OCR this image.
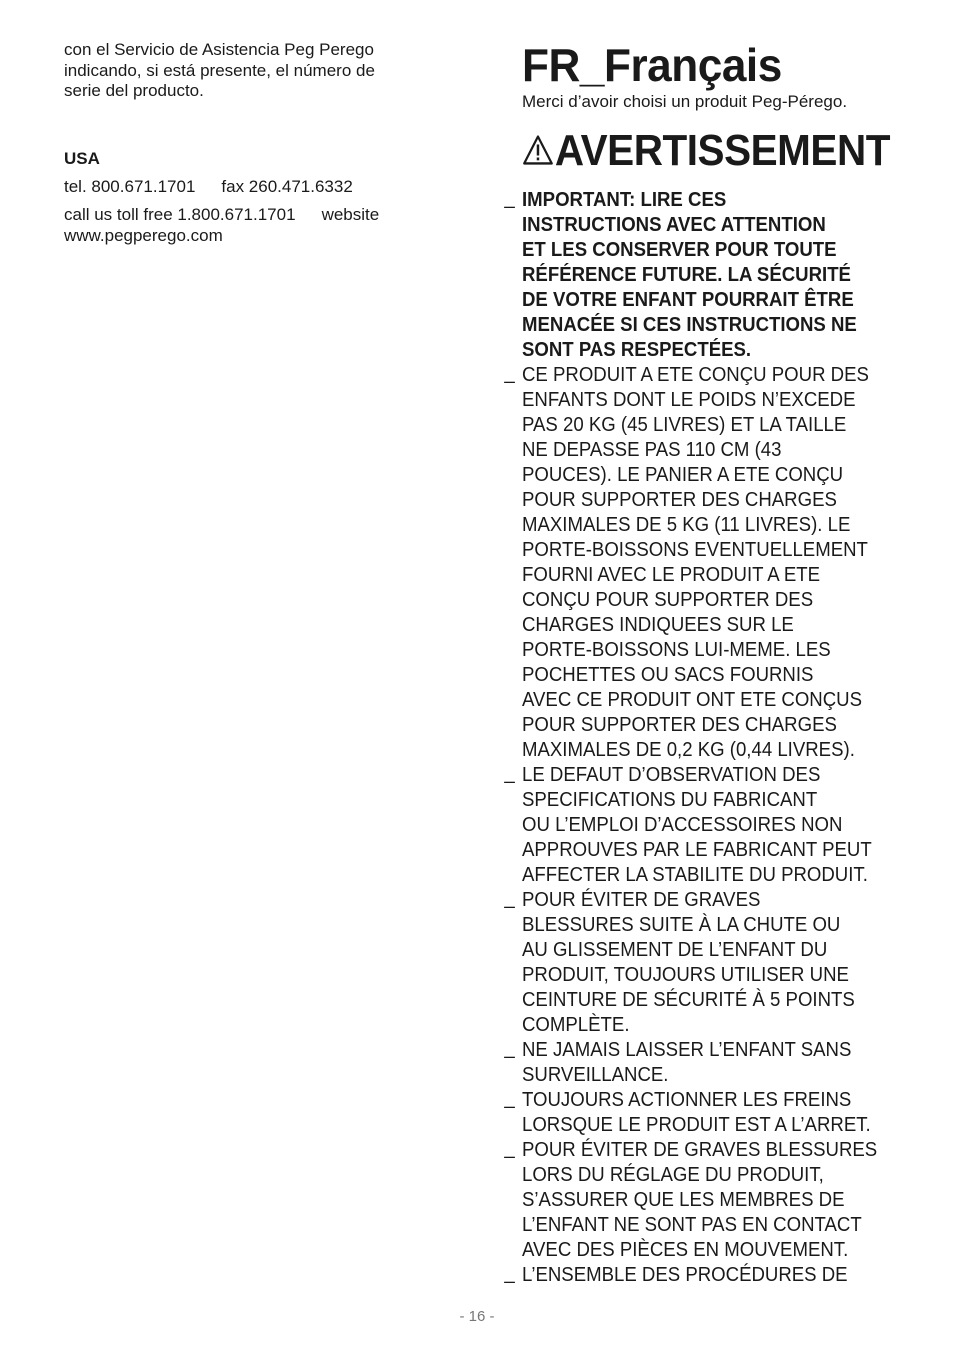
con el Servicio de Asistencia Peg Perego

indicando, si está presente, el número de

serie del producto.

USA
tel. 800.671.1701 fax 260.471.6332
call us toll free 1.800.671.1701 website
www.pegperego.com
FR_Français
Merci d’avoir choisi un produit Peg-Pérego.
AVERTISSEMENT
_ IMPORTANT: LIRE CES
INSTRUCTIONS AVEC ATTENTION
ET LES CONSERVER POUR TOUTE
RÉFÉRENCE FUTURE. LA SÉCURITÉ
DE VOTRE ENFANT POURRAIT ÊTRE
MENACÉE SI CES INSTRUCTIONS NE
SONT PAS RESPECTÉES.
_ CE PRODUIT A ETE CONÇU POUR DES
ENFANTS DONT LE POIDS N’EXCEDE
PAS 20 KG (45 LIVRES) ET LA TAILLE
NE DEPASSE PAS 110 CM (43
POUCES). LE PANIER A ETE CONÇU
POUR SUPPORTER DES CHARGES
MAXIMALES DE 5 KG (11 LIVRES). LE
PORTE-BOISSONS EVENTUELLEMENT
FOURNI AVEC LE PRODUIT A ETE
CONÇU POUR SUPPORTER DES
CHARGES INDIQUEES SUR LE
PORTE-BOISSONS LUI-MEME. LES
POCHETTES OU SACS FOURNIS
AVEC CE PRODUIT ONT ETE CONÇUS
POUR SUPPORTER DES CHARGES
MAXIMALES DE 0,2 KG (0,44 LIVRES).
_ LE DEFAUT D’OBSERVATION DES
SPECIFICATIONS DU FABRICANT
OU L’EMPLOI D’ACCESSOIRES NON
APPROUVES PAR LE FABRICANT PEUT
AFFECTER LA STABILITE DU PRODUIT.
_ POUR ÉVITER DE GRAVES
BLESSURES SUITE À LA CHUTE OU
AU GLISSEMENT DE L’ENFANT DU
PRODUIT, TOUJOURS UTILISER UNE
CEINTURE DE SÉCURITÉ À 5 POINTS
COMPLÈTE.
_ NE JAMAIS LAISSER L’ENFANT SANS
SURVEILLANCE.
_ TOUJOURS ACTIONNER LES FREINS
LORSQUE LE PRODUIT EST A L’ARRET.
_ POUR ÉVITER DE GRAVES BLESSURES
LORS DU RÉGLAGE DU PRODUIT,
S’ASSURER QUE LES MEMBRES DE
L’ENFANT NE SONT PAS EN CONTACT
AVEC DES PIÈCES EN MOUVEMENT.
_ L’ENSEMBLE DES PROCÉDURES DE
- 16 -
